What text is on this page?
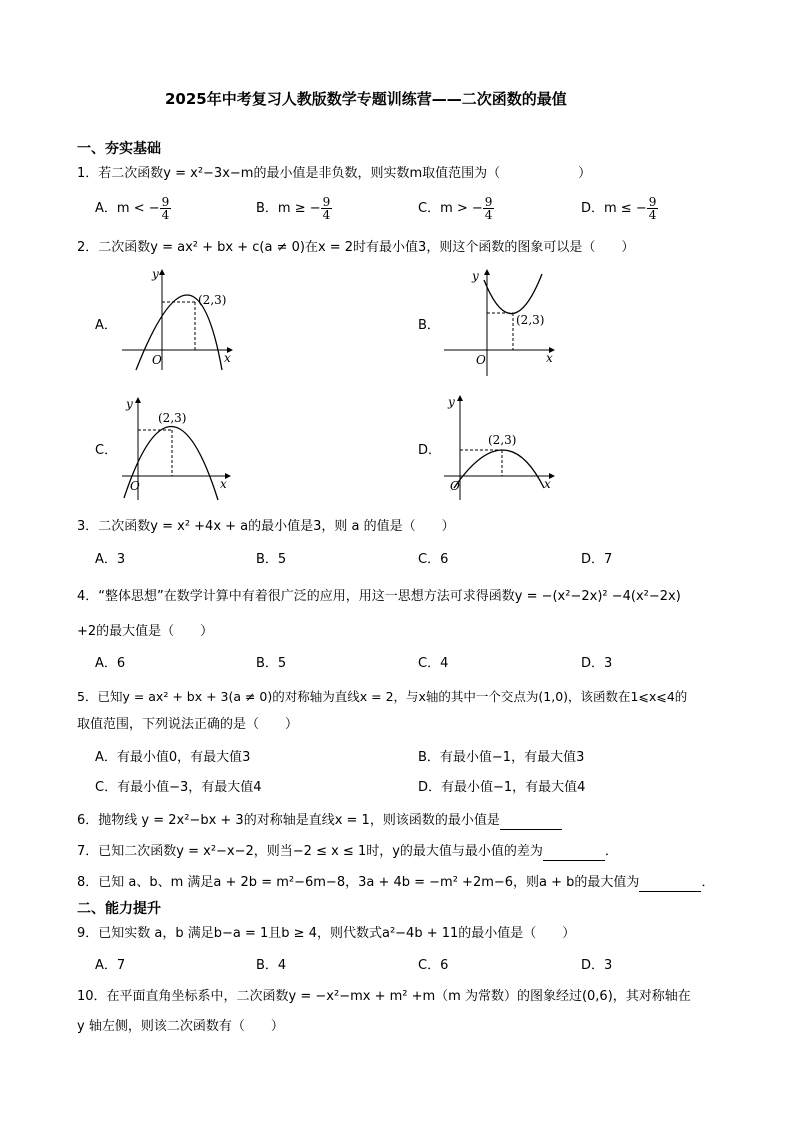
2025年中考复习人教版数学专题训练营——二次函数的最值
一、夯实基础
1．若二次函数y = x²−3x−m的最小值是非负数，则实数m取值范围为（　　　　　　）
A．m < − $\frac{9}{4}$	B．m ≥ − $\frac{9}{4}$	C．m > − $\frac{9}{4}$	D．m ≤ − $\frac{9}{4}$
2．二次函数y = ax² + bx + c(a ≠ 0)在x = 2时有最小值3，则这个函数的图象可以是（　　）
A．	B．
C．	D．
(2,3)
O	x
y
(2,3)
O	x
y
(2,3)
O	x
y
(2,3)
O	x
y
3．二次函数y = x² +4x + a的最小值是3，则 a 的值是（　　）
A．3	B．5	C．6	D．7
4．“整体思想”在数学计算中有着很广泛的应用，用这一思想方法可求得函数y = −(x²−2x)² −4(x²−2x)
+2的最大值是（　　）
A．6	B．5	C．4	D．3
5．已知y = ax² + bx + 3(a ≠ 0)的对称轴为直线x = 2，与x轴的其中一个交点为(1,0)，该函数在1⩽x⩽4的
取值范围，下列说法正确的是（　　）
A．有最小值0，有最大值3	B．有最小值−1，有最大值3
C．有最小值−3，有最大值4	D．有最小值−1，有最大值4
6．抛物线 y = 2x²−bx + 3的对称轴是直线x = 1，则该函数的最小值是
7．已知二次函数y = x²−x−2，则当−2 ≤ x ≤ 1时，y的最大值与最小值的差为	．
8．已知 a、b、m 满足a + 2b = m²−6m−8，3a + 4b = −m² +2m−6，则a + b的最大值为	．
二、能力提升
9．已知实数 a，b 满足b−a = 1且b ≥ 4，则代数式a²−4b + 11的最小值是（　　）
A．7	B．4	C．6	D．3
10．在平面直角坐标系中，二次函数y = −x²−mx + m² +m（m 为常数）的图象经过(0,6)，其对称轴在
y 轴左侧，则该二次函数有（　　）
